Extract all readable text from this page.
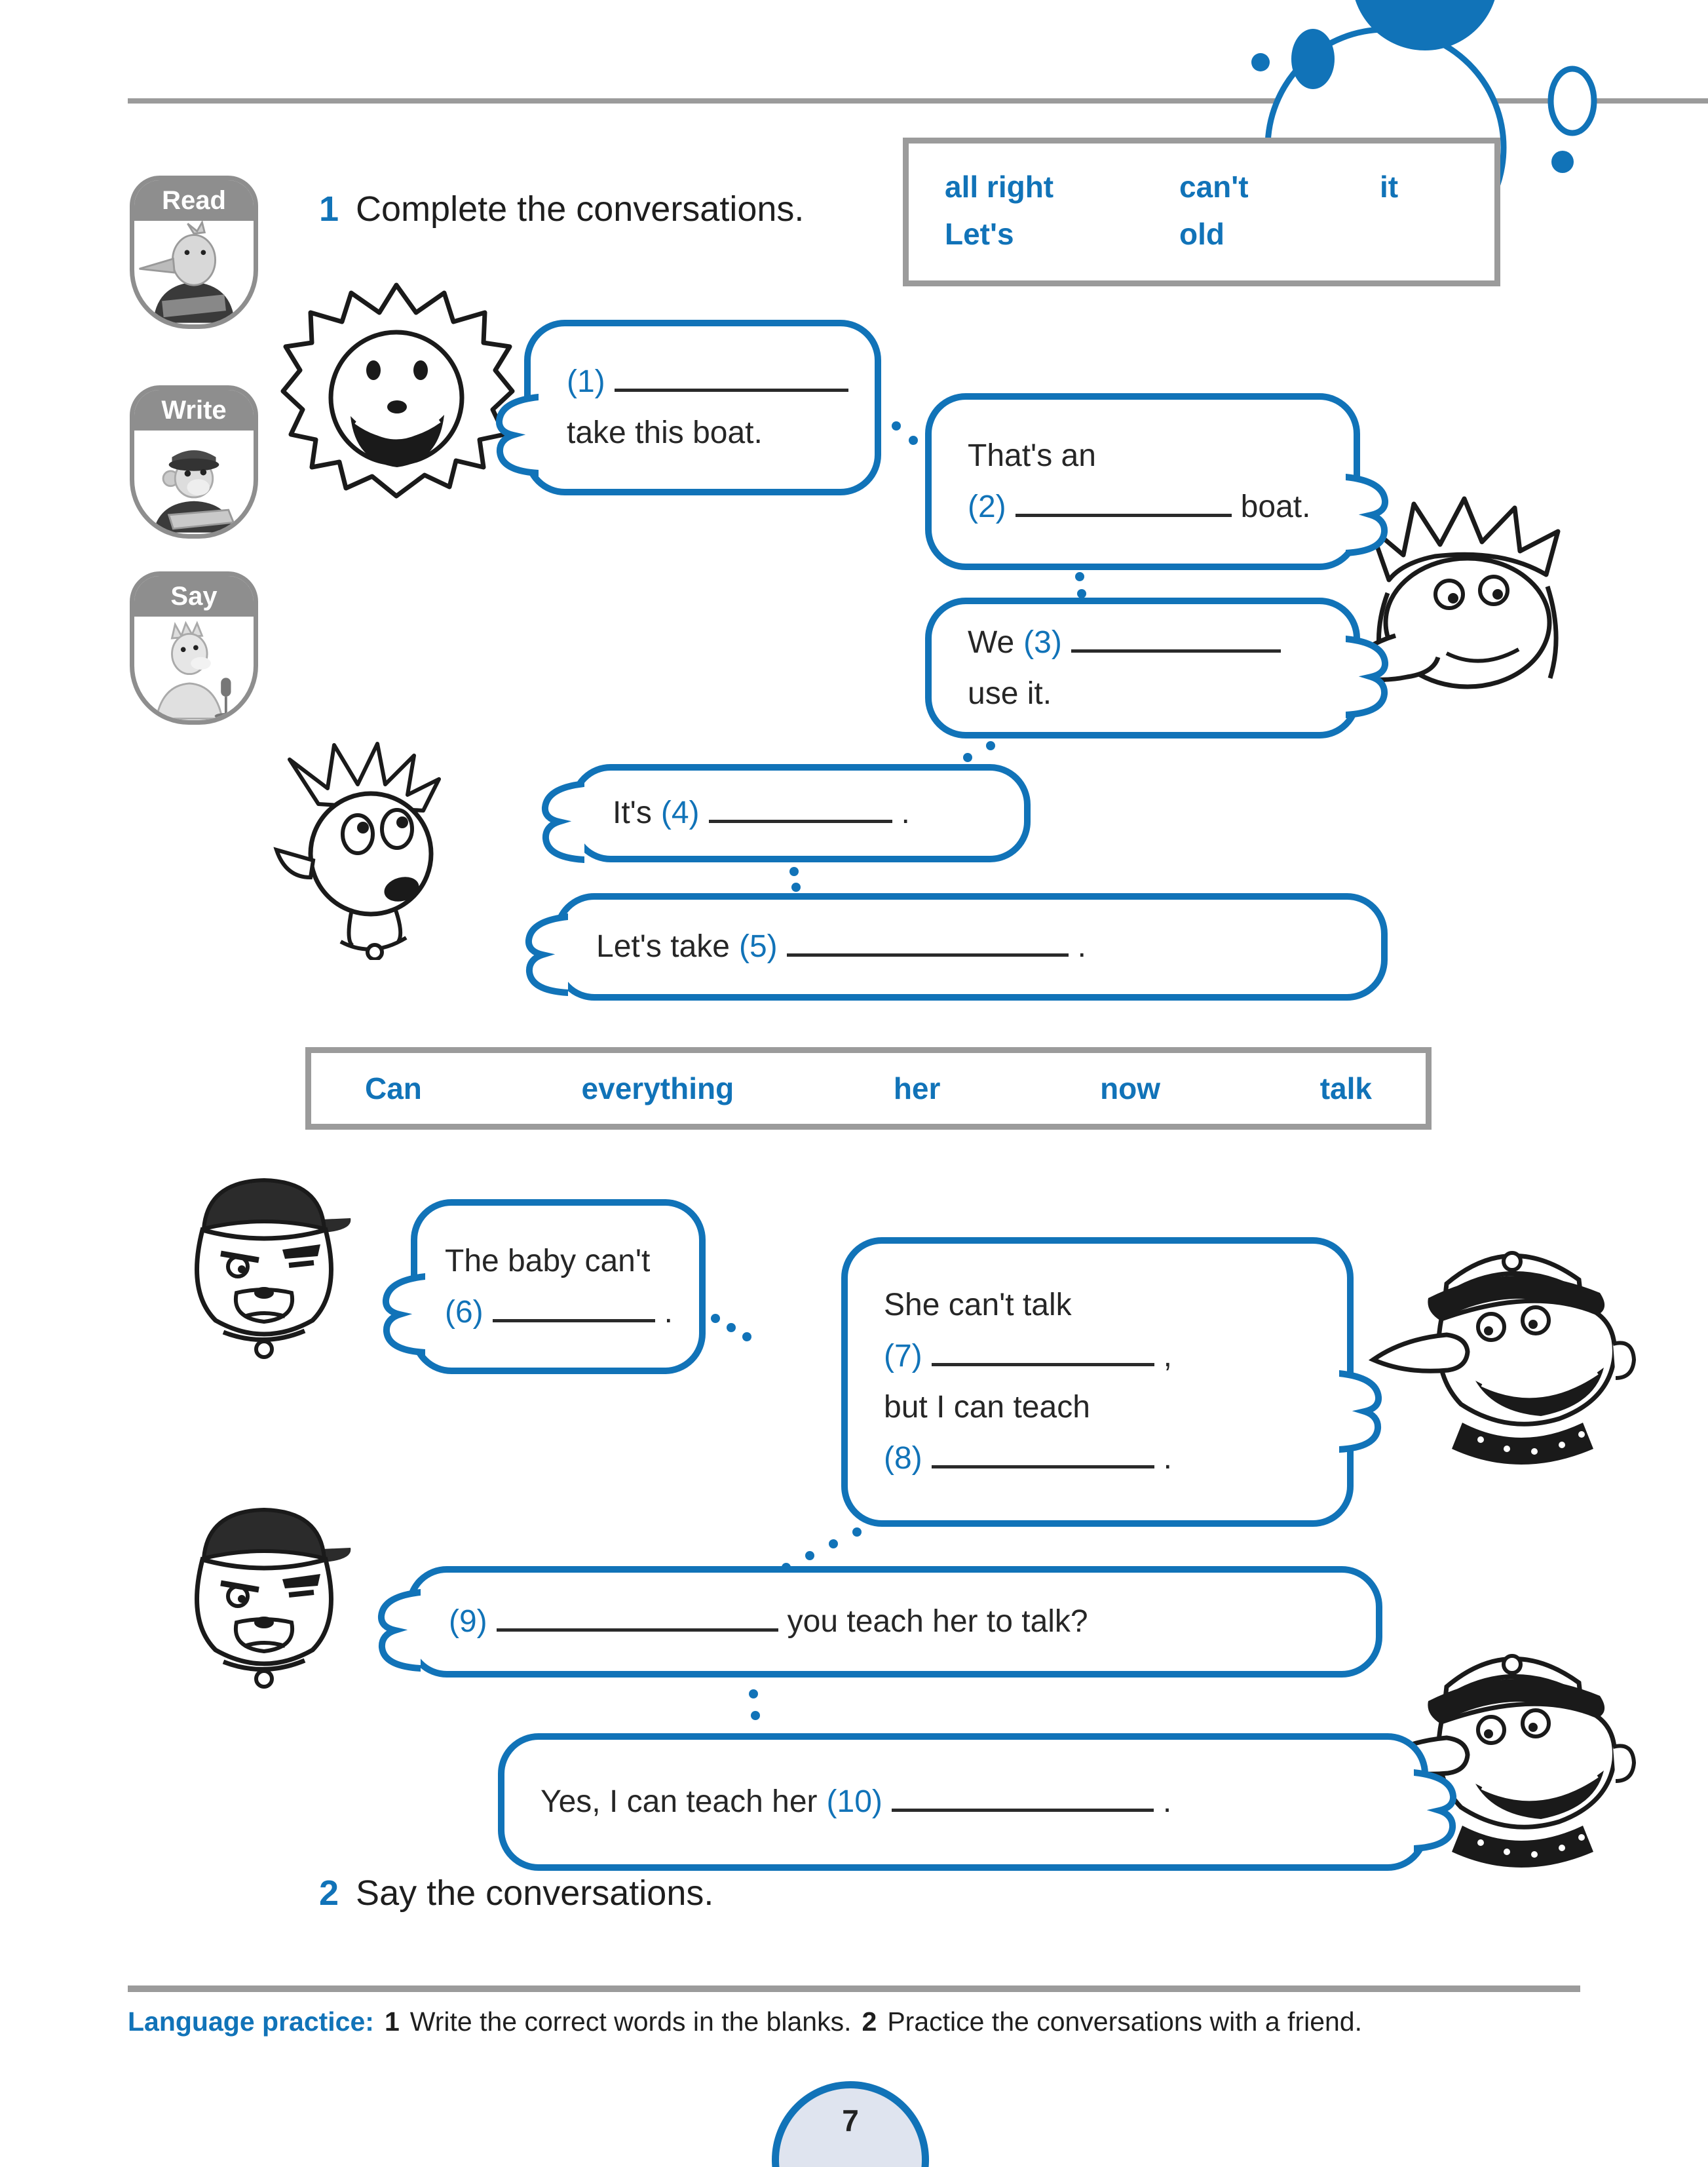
all right	can't	it
Let's	old
1 Complete the conversations.
Read
Write
Say
(1)
take this boat.
That's an
(2)	boat.
We (3)
use it.
It's (4)	.
Let's take (5)	.
The baby can't
(6)	.	She can't talk
(7)	,
but I can teach
(8)	.
(9)	you teach her to talk?
Yes, I can teach her (10)	.
Can	everything	her	now	talk
2 Say the conversations.
Language practice: 1 Write the correct words in the blanks. 2 Practice the conversations with a friend.
7
